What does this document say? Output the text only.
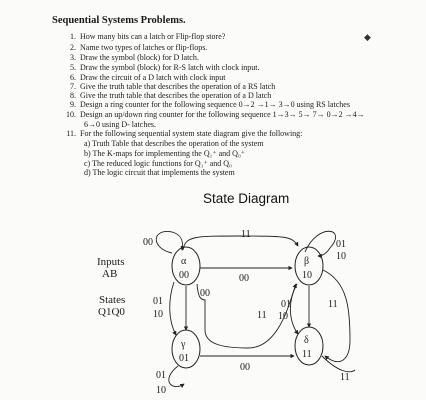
Sequential Systems Problems.
◆
1. How many bits can a latch or Flip-flop store?
2. Name two types of latches or flip-flops.
3. Draw the symbol (block) for D latch.
5. Draw the symbol (block) for R-S latch with clock input.
6. Draw the circuit of a D latch with clock input
7. Give the truth table that describes the operation of a RS latch
8. Give the truth table that describes the operation of a D latch
9. Design a ring counter for the following sequence 0→2 →1→ 3→0 using RS latches
10. Design an up/down ring counter for the following sequence 1→3→ 5→ 7→ 0→2 →4→
6→0 using D- latches.
11. For the following sequential system state diagram give the following:
a) Truth Table that describes the operation of the system
b) The K-maps for implementing the Q₁⁺ and Q₀⁺
c) The reduced logic functions for Q₁⁺ and Q₀
d) The logic circuit that implements the system
State Diagram
Inputs
AB
States
Q1Q0
00
11
00
α
00
01
10
β
10
01
10
00
01
11 10
11
γ
01
δ
11
00
01
10
11
